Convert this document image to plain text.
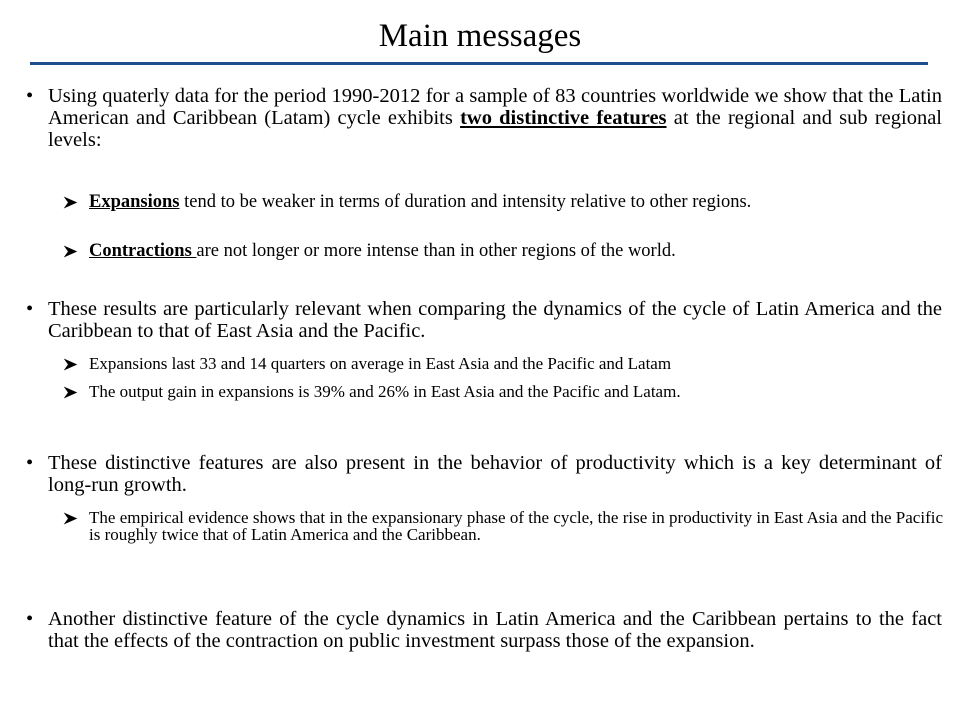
Main messages
• Using quaterly data for the period 1990-2012 for a sample of 83 countries worldwide we show that the Latin American and Caribbean (Latam) cycle exhibits two distinctive features at the regional and sub regional levels:
Expansions tend to be weaker in terms of duration and intensity relative to other regions.
Contractions are not longer or more intense than in other regions of the world.
• These results are particularly relevant when comparing the dynamics of the cycle of Latin America and the Caribbean to that of East Asia and the Pacific.
Expansions last 33 and 14 quarters on average in East Asia and the Pacific and Latam
The output gain in expansions is 39% and 26% in East Asia and the Pacific and Latam.
• These distinctive features are also present in the behavior of productivity which is a key determinant of long-run growth.
The empirical evidence shows that in the expansionary phase of the cycle, the rise in productivity in East Asia and the Pacific is roughly twice that of Latin America and the Caribbean.
• Another distinctive feature of the cycle dynamics in Latin America and the Caribbean pertains to the fact that the effects of the contraction on public investment surpass those of the expansion.
